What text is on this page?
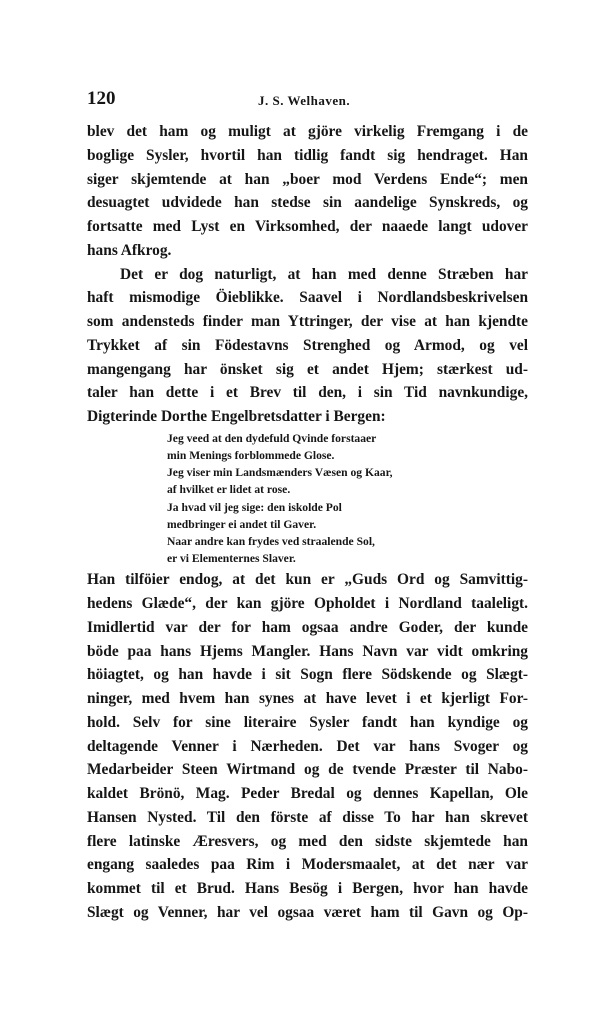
120	J. S. Welhaven.
blev det ham og muligt at gjöre virkelig Fremgang i de
boglige Sysler, hvortil han tidlig fandt sig hendraget. Han
siger skjemtende at han „boer mod Verdens Ende“; men
desuagtet udvidede han stedse sin aandelige Synskreds, og
fortsatte med Lyst en Virksomhed, der naaede langt udover
hans Afkrog.
Det er dog naturligt, at han med denne Stræben har
haft mismodige Öieblikke. Saavel i Nordlandsbeskrivelsen
som andensteds finder man Yttringer, der vise at han kjendte
Trykket af sin Födestavns Strenghed og Armod, og vel
mangengang har önsket sig et andet Hjem; stærkest ud-
taler han dette i et Brev til den, i sin Tid navnkundige,
Digterinde Dorthe Engelbretsdatter i Bergen:
Jeg veed at den dydefuld Qvinde forstaaer
min Menings forblommede Glose.
Jeg viser min Landsmænders Væsen og Kaar,
af hvilket er lidet at rose.
Ja hvad vil jeg sige: den iskolde Pol
medbringer ei andet til Gaver.
Naar andre kan frydes ved straalende Sol,
er vi Elementernes Slaver.
Han tilföier endog, at det kun er „Guds Ord og Samvittig-
hedens Glæde“, der kan gjöre Opholdet i Nordland taaleligt.
Imidlertid var der for ham ogsaa andre Goder, der kunde
böde paa hans Hjems Mangler. Hans Navn var vidt omkring
höiagtet, og han havde i sit Sogn flere Södskende og Slægt-
ninger, med hvem han synes at have levet i et kjerligt For-
hold. Selv for sine literaire Sysler fandt han kyndige og
deltagende Venner i Nærheden. Det var hans Svoger og
Medarbeider Steen Wirtmand og de tvende Præster til Nabo-
kaldet Brönö, Mag. Peder Bredal og dennes Kapellan, Ole
Hansen Nysted. Til den förste af disse To har han skrevet
flere latinske Æresvers, og med den sidste skjemtede han
engang saaledes paa Rim i Modersmaalet, at det nær var
kommet til et Brud. Hans Besög i Bergen, hvor han havde
Slægt og Venner, har vel ogsaa været ham til Gavn og Op-
